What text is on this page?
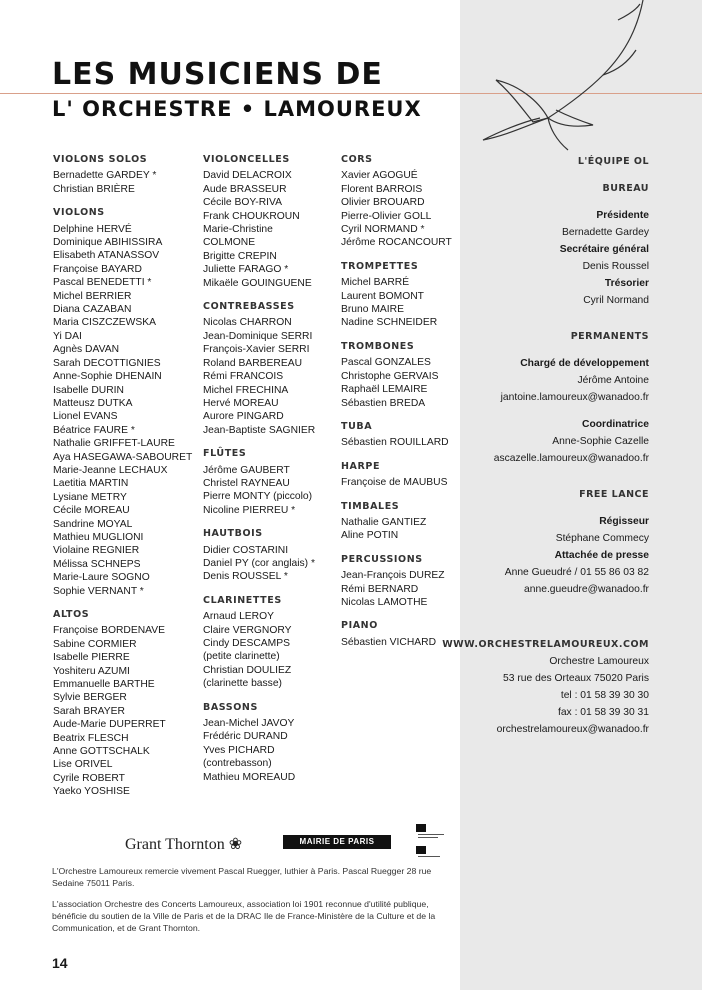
LES MUSICIENS DE
L' ORCHESTRE • LAMOUREUX
VIOLONS SOLOS
Bernadette GARDEY *
Christian BRIÈRE
VIOLONS
Delphine HERVÉ
Dominique ABIHISSIRA
Elisabeth ATANASSOV
Françoise BAYARD
Pascal BENEDETTI *
Michel BERRIER
Diana CAZABAN
Maria CISZCZEWSKA
Yi DAI
Agnès DAVAN
Sarah DECOTTIGNIES
Anne-Sophie DHENAIN
Isabelle DURIN
Matteusz DUTKA
Lionel EVANS
Béatrice FAURE *
Nathalie GRIFFET-LAURE
Aya HASEGAWA-SABOURET
Marie-Jeanne LECHAUX
Laetitia MARTIN
Lysiane METRY
Cécile MOREAU
Sandrine MOYAL
Mathieu MUGLIONI
Violaine REGNIER
Mélissa SCHNEPS
Marie-Laure SOGNO
Sophie VERNANT *
ALTOS
Françoise BORDENAVE
Sabine CORMIER
Isabelle PIERRE
Yoshiteru AZUMI
Emmanuelle BARTHE
Sylvie BERGER
Sarah BRAYER
Aude-Marie DUPERRET
Beatrix FLESCH
Anne GOTTSCHALK
Lise ORIVEL
Cyrile ROBERT
Yaeko YOSHISE
VIOLONCELLES
David DELACROIX
Aude BRASSEUR
Cécile BOY-RIVA
Frank CHOUKROUN
Marie-Christine
COLMONE
Brigitte CREPIN
Juliette FARAGO *
Mikaële GOUINGUENE
CONTREBASSES
Nicolas CHARRON
Jean-Dominique SERRI
François-Xavier SERRI
Roland BARBEREAU
Rémi FRANCOIS
Michel FRECHINA
Hervé MOREAU
Aurore PINGARD
Jean-Baptiste SAGNIER
FLÛTES
Jérôme GAUBERT
Christel RAYNEAU
Pierre MONTY (piccolo)
Nicoline PIERREU *
HAUTBOIS
Didier COSTARINI
Daniel PY (cor anglais) *
Denis ROUSSEL *
CLARINETTES
Arnaud LEROY
Claire VERGNORY
Cindy DESCAMPS
(petite clarinette)
Christian DOULIEZ
(clarinette basse)
BASSONS
Jean-Michel JAVOY
Frédéric DURAND
Yves PICHARD
(contrebasson)
Mathieu MOREAUD
CORS
Xavier AGOGUÉ
Florent BARROIS
Olivier BROUARD
Pierre-Olivier GOLL
Cyril NORMAND *
Jérôme ROCANCOURT
TROMPETTES
Michel BARRÉ
Laurent BOMONT
Bruno MAIRE
Nadine SCHNEIDER
TROMBONES
Pascal GONZALES
Christophe GERVAIS
Raphaël LEMAIRE
Sébastien BREDA
TUBA
Sébastien ROUILLARD
HARPE
Françoise de MAUBUS
TIMBALES
Nathalie GANTIEZ
Aline POTIN
PERCUSSIONS
Jean-François DUREZ
Rémi BERNARD
Nicolas LAMOTHE
PIANO
Sébastien VICHARD
L'ÉQUIPE OL
BUREAU
Présidente
Bernadette Gardey
Secrétaire général
Denis Roussel
Trésorier
Cyril Normand
PERMANENTS
Chargé de développement
Jérôme Antoine
jantoine.lamoureux@wanadoo.fr
Coordinatrice
Anne-Sophie Cazelle
ascazelle.lamoureux@wanadoo.fr
FREE LANCE
Régisseur
Stéphane Commecy
Attachée de presse
Anne Gueudré / 01 55 86 03 82
anne.gueudre@wanadoo.fr
WWW.ORCHESTRELAMOUREUX.COM
Orchestre Lamoureux
53 rue des Orteaux 75020 Paris
tel : 01 58 39 30 30
fax : 01 58 39 30 31
orchestrelamoureux@wanadoo.fr
Grant Thornton ❀	MAIRIE DE PARIS
L'Orchestre Lamoureux remercie vivement Pascal Ruegger, luthier à Paris. Pascal Ruegger 28 rue Sedaine 75011 Paris.
L'association Orchestre des Concerts Lamoureux, association loi 1901 reconnue d'utilité publique, bénéficie du soutien de la Ville de Paris et de la DRAC Ile de France-Ministère de la Culture et de la Communication, et de Grant Thornton.
14
